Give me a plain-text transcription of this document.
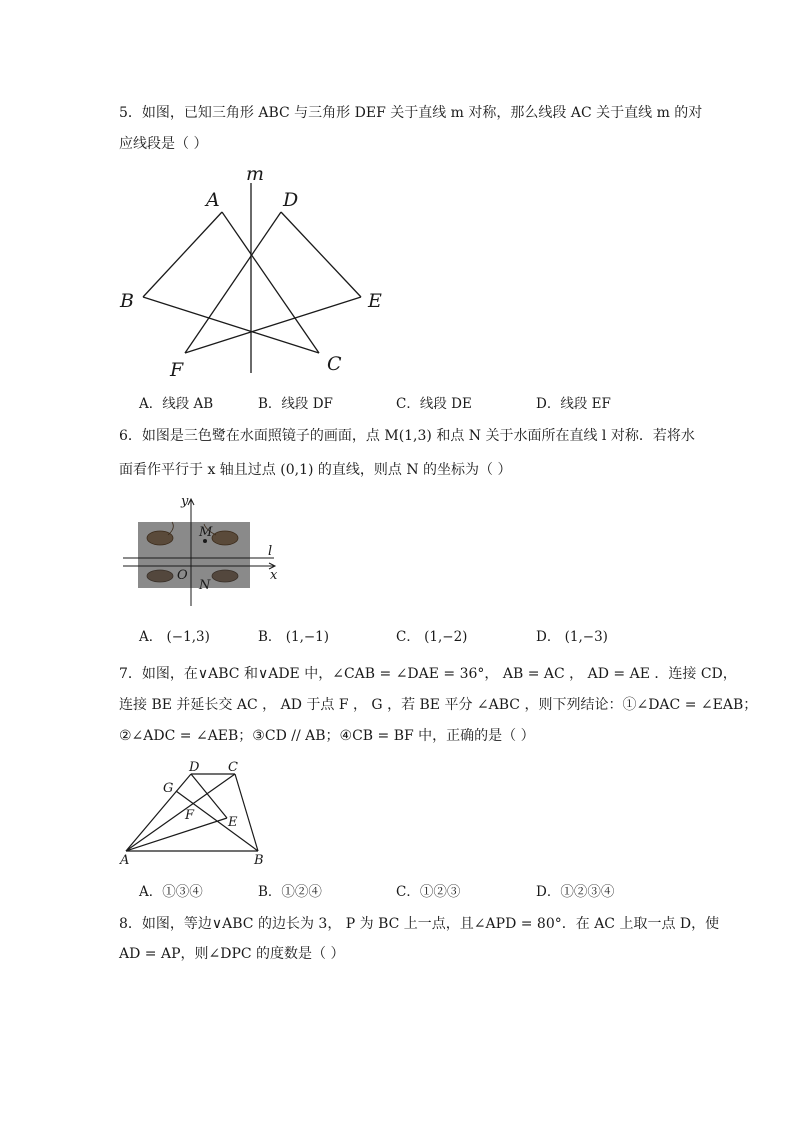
5．如图，已知三角形 ABC 与三角形 DEF 关于直线 m 对称，那么线段 AC 关于直线 m 的对
应线段是（ ）
m
A	D
B	E
F	C
A．线段 AB	B．线段 DF	C．线段 DE	D．线段 EF
6．如图是三色鹭在水面照镜子的画面，点 M(1,3) 和点 N 关于水面所在直线 l 对称．若将水
面看作平行于 x 轴且过点 (0,1) 的直线，则点 N 的坐标为（ ）
y
M
l
O	x
N
A． (−1,3)	B． (1,−1)	C． (1,−2)	D． (1,−3)
7．如图，在∨ABC 和∨ADE 中，∠CAB = ∠DAE = 36°， AB = AC ， AD = AE ．连接 CD，
连接 BE 并延长交 AC ， AD 于点 F ， G ，若 BE 平分 ∠ABC ，则下列结论：①∠DAC = ∠EAB；
②∠ADC = ∠AEB；③CD // AB；④CB = BF 中，正确的是（ ）
D C
G
F	E
A	B
A．①③④	B．①②④	C．①②③	D．①②③④
8．如图，等边∨ABC 的边长为 3， P 为 BC 上一点，且∠APD = 80°．在 AC 上取一点 D，使
AD = AP，则∠DPC 的度数是（ ）
